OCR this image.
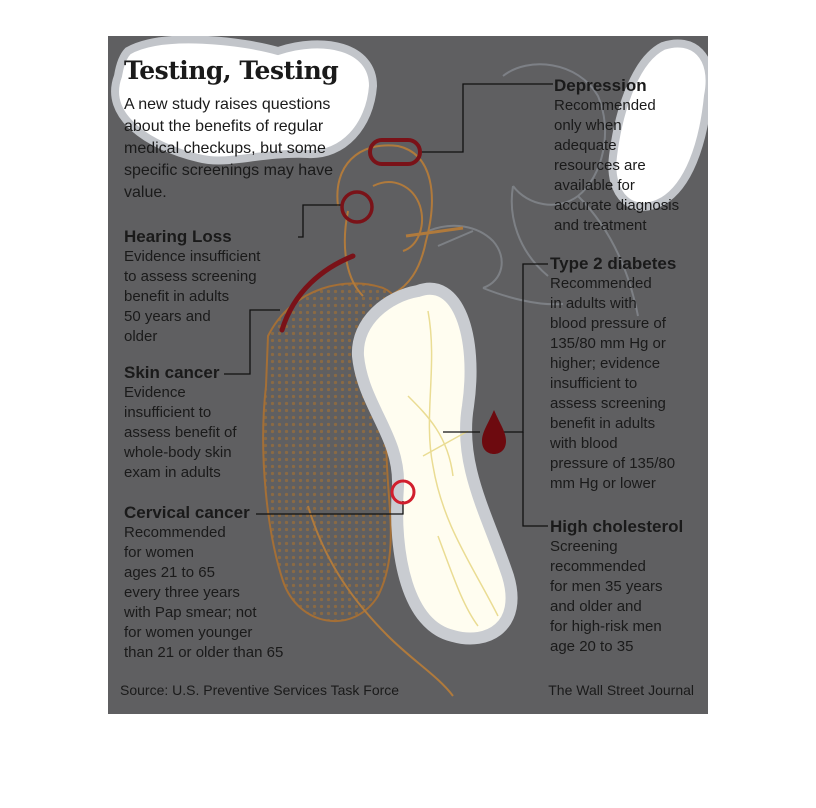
Testing, Testing
A new study raises questions about the benefits of regular medical checkups, but some specific screenings may have value.
Depression
Recommended
only when
adequate
resources are
available for
accurate diagnosis
and treatment
Hearing Loss
Evidence insufficient
to assess screening
benefit in adults
50 years and
older
Skin cancer
Evidence
insufficient to
assess benefit of
whole-body skin
exam in adults
Cervical cancer
Recommended
for women
ages 21 to 65
every three years
with Pap smear; not
for women younger
than 21 or older than 65
Type 2 diabetes
Recommended
in adults with
blood pressure of
135/80 mm Hg or
higher; evidence
insufficient to
assess screening
benefit in adults
with blood
pressure of 135/80
mm Hg or lower
High cholesterol
Screening
recommended
for men 35 years
and older and
for high-risk men
age 20 to 35
Source: U.S. Preventive Services Task Force	The Wall Street Journal
